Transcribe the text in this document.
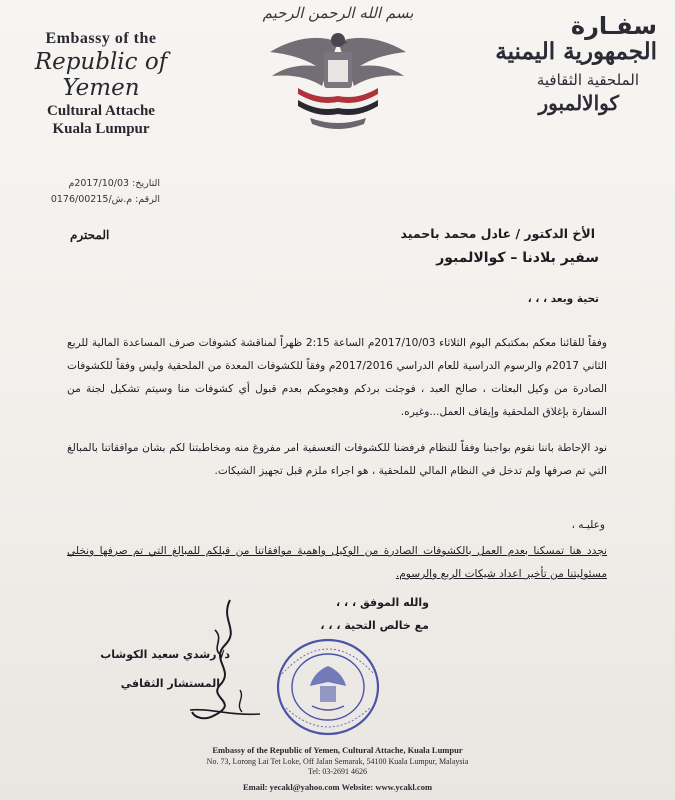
Embassy of the
Republic of Yemen
Cultural Attache
Kuala Lumpur
بسم الله الرحمن الرحيم	سفـارة
الجمهورية اليمنية
الملحقية الثقافية
كوالالمبور
التاريخ: 2017/10/03م
الرقم: م.ش/0176/00215
الأخ الدكتور / عادل محمد باحميد
المحترم
سفير بلادنا – كوالالمبور
تحية وبعد ، ، ،
وفقاً للقائنا معكم بمكتبكم اليوم الثلاثاء 2017/10/03م الساعة 2:15 ظهراً لمناقشة كشوفات صرف المساعدة المالية للربع الثاني 2017م والرسوم الدراسية للعام الدراسي 2017/2016م وفقاً للكشوفات المعدة من الملحقية وليس وفقاً للكشوفات الصادرة من وكيل البعثات ، صالح العبد ، فوجئت بردكم وهجومكم بعدم قبول أي كشوفات منا وسيتم تشكيل لجنة من السفارة بإغلاق الملحقية وإيقاف العمل...وغيره.
نود الإحاطة باننا نقوم بواجبنا وفقاً للنظام فرفضنا للكشوفات التعسفية امر مفروغ منه ومخاطبتنا لكم بشان موافقاتنا بالمبالغ التي تم صرفها ولم تدخل في النظام المالي للملحقية ، هو اجراء ملزم قبل تجهيز الشيكات.
وعليـه ،
نجدد هنا تمسكنا بعدم العمل بالكشوفات الصادرة من الوكيل واهمية موافقاتنا من قبلكم للمبالغ التي تم صرفها ونخلي مسئوليتنا من تأخير اعداد شيكات الربع والرسوم.
والله الموفق ، ، ،
مع خالص التحية ، ، ،
د/ رشدي سعيد الكوشاب
المستشار الثقافي
Embassy of the Republic of Yemen, Cultural Attache, Kuala Lumpur
No. 73, Lorong Lai Tet Loke, Off Jalan Semarak, 54100 Kuala Lumpur, Malaysia
Tel: 03-2691 4626
Email: yecakl@yahoo.com Website: www.ycakl.com
